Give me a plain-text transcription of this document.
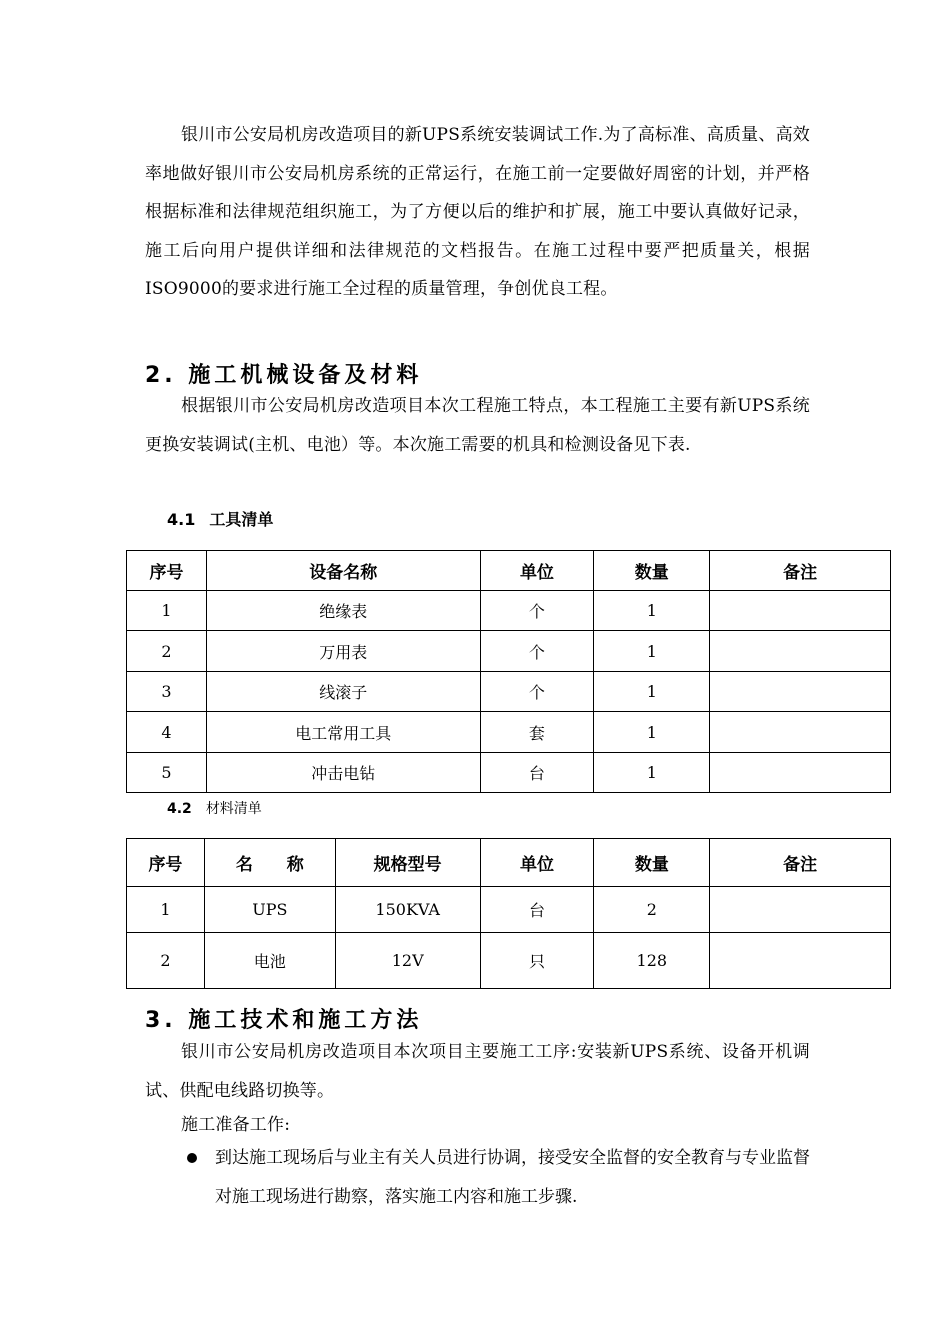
银川市公安局机房改造项目的新UPS系统安装调试工作.为了高标准、高质量、高效率地做好银川市公安局机房系统的正常运行，在施工前一定要做好周密的计划，并严格根据标准和法律规范组织施工，为了方便以后的维护和扩展，施工中要认真做好记录，施工后向用户提供详细和法律规范的文档报告。在施工过程中要严把质量关，根据ISO9000的要求进行施工全过程的质量管理，争创优良工程。

2. 施工机械设备及材料

根据银川市公安局机房改造项目本次工程施工特点，本工程施工主要有新UPS系统更换安装调试(主机、电池）等。本次施工需要的机具和检测设备见下表.

4.1 工具清单
序号	设备名称	单位	数量	备注
1	绝缘表	个	1	
2	万用表	个	1	
3	线滚子	个	1	
4	电工常用工具	套	1	
5	冲击电钻	台	1	
4.2 材料清单
序号	名　　称	规格型号	单位	数量	备注
1	UPS	150KVA	台	2	
2	电池	12V	只	128	
3. 施工技术和施工方法

银川市公安局机房改造项目本次项目主要施工工序:安装新UPS系统、设备开机调试、供配电线路切换等。

施工准备工作:

到达施工现场后与业主有关人员进行协调，接受安全监督的安全教育与专业监督对施工现场进行勘察，落实施工内容和施工步骤.
